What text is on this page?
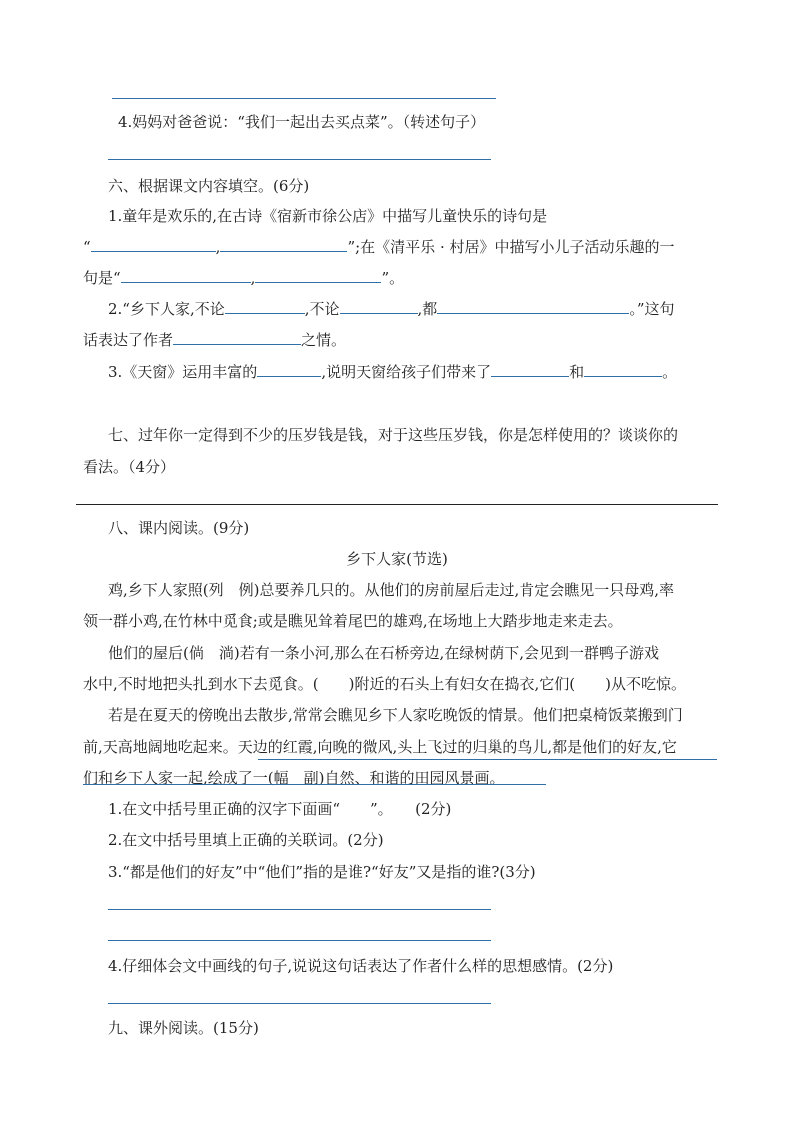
4.妈妈对爸爸说：“我们一起出去买点菜”。（转述句子）
六、根据课文内容填空。(6分)
1.童年是欢乐的,在古诗《宿新市徐公店》中描写儿童快乐的诗句是
“	,	”;在《清平乐 · 村居》中描写小儿子活动乐趣的一
句是“	,	”。
2.“乡下人家,不论	,不论	,都	。”这句
话表达了作者	之情。
3.《天窗》运用丰富的	,说明天窗给孩子们带来了	和	。
七、过年你一定得到不少的压岁钱是钱，对于这些压岁钱，你是怎样使用的？谈谈你的
看法。（4分）
八、课内阅读。(9分)
乡下人家(节选)
鸡,乡下人家照(列　例)总要养几只的。从他们的房前屋后走过,肯定会瞧见一只母鸡,率
领一群小鸡,在竹林中觅食;或是瞧见耸着尾巴的雄鸡,在场地上大踏步地走来走去。
他们的屋后(倘　淌)若有一条小河,那么在石桥旁边,在绿树荫下,会见到一群鸭子游戏
水中,不时地把头扎到水下去觅食。(　　)附近的石头上有妇女在捣衣,它们(　　)从不吃惊。
若是在夏天的傍晚出去散步,常常会瞧见乡下人家吃晚饭的情景。他们把桌椅饭菜搬到门
前,天高地阔地吃起来。天边的红霞,向晚的微风,头上飞过的归巢的鸟儿,都是他们的好友,它
们和乡下人家一起,绘成了一(幅　副)自然、和谐的田园风景画。
1.在文中括号里正确的汉字下面画“　　”。　　(2分)
2.在文中括号里填上正确的关联词。(2分)
3.“都是他们的好友”中“他们”指的是谁?“好友”又是指的谁?(3分)
4.仔细体会文中画线的句子,说说这句话表达了作者什么样的思想感情。(2分)
九、课外阅读。(15分)
